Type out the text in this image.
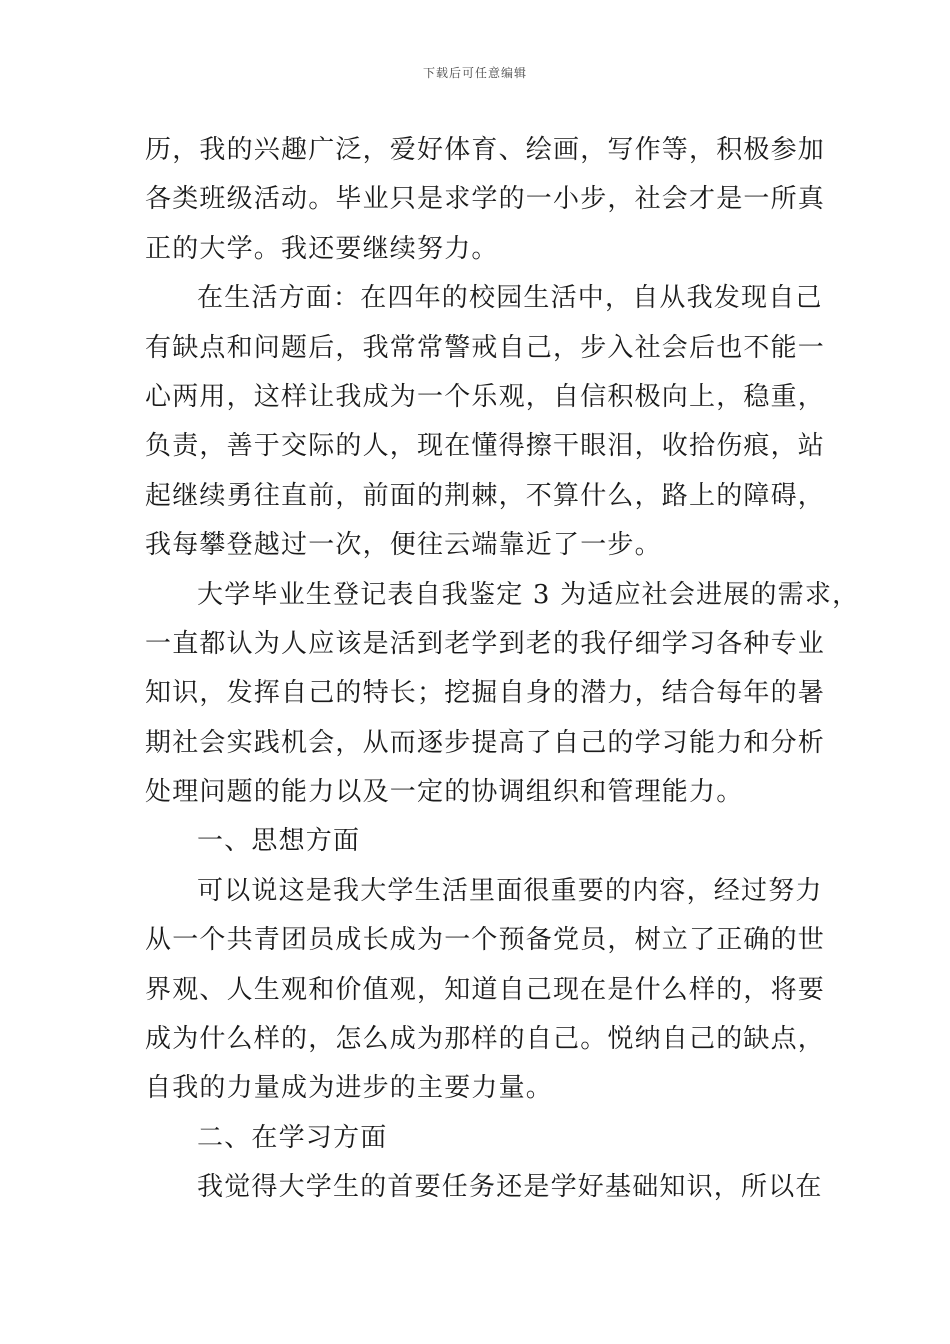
下载后可任意编辑
历，我的兴趣广泛，爱好体育、绘画，写作等，积极参加
各类班级活动。毕业只是求学的一小步，社会才是一所真
正的大学。我还要继续努力。
在生活方面：在四年的校园生活中，自从我发现自己
有缺点和问题后，我常常警戒自己，步入社会后也不能一
心两用，这样让我成为一个乐观，自信积极向上，稳重，
负责，善于交际的人，现在懂得擦干眼泪，收拾伤痕，站
起继续勇往直前，前面的荆棘，不算什么，路上的障碍，
我每攀登越过一次，便往云端靠近了一步。
大学毕业生登记表自我鉴定 3 为适应社会进展的需求，
一直都认为人应该是活到老学到老的我仔细学习各种专业
知识，发挥自己的特长；挖掘自身的潜力，结合每年的暑
期社会实践机会，从而逐步提高了自己的学习能力和分析
处理问题的能力以及一定的协调组织和管理能力。
一、思想方面
可以说这是我大学生活里面很重要的内容，经过努力
从一个共青团员成长成为一个预备党员，树立了正确的世
界观、人生观和价值观，知道自己现在是什么样的，将要
成为什么样的，怎么成为那样的自己。悦纳自己的缺点，
自我的力量成为进步的主要力量。
二、在学习方面
我觉得大学生的首要任务还是学好基础知识，所以在
